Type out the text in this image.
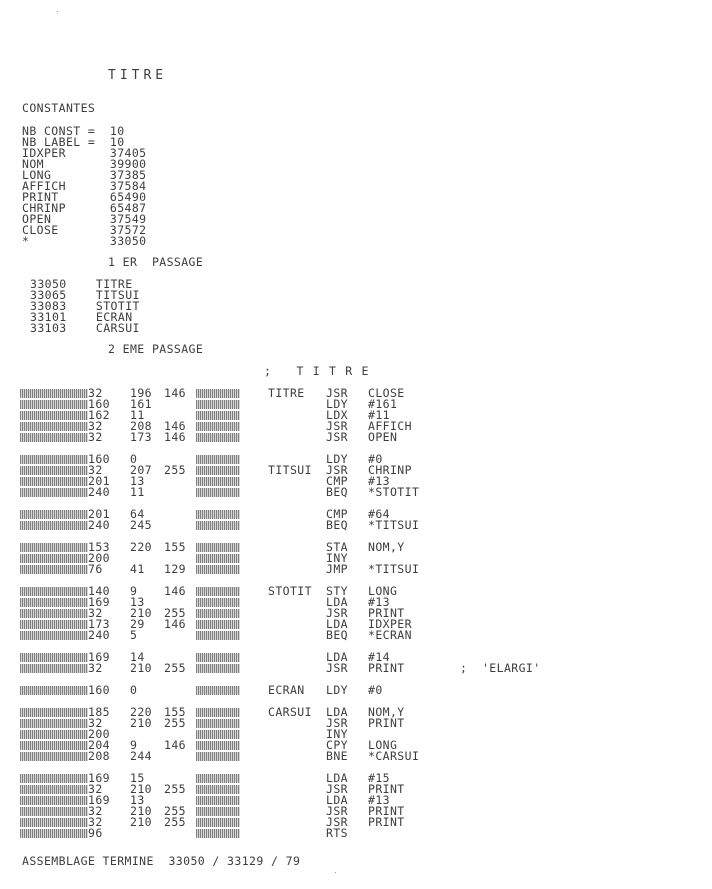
TITRE
CONSTANTES
NB CONST =  10
NB LABEL =  10
IDXPER      37405
NOM         39900
LONG        37385
AFFICH      37584
PRINT       65490
CHRINP      65487
OPEN        37549
CLOSE       37572
*           33050
1 ER  PASSAGE
33050    TITRE
33065    TITSUI
33083    STOTIT
33101    ECRAN
33103    CARSUI
2 EME PASSAGE
;   T I T R E
32 196 146	TITRE JSR CLOSE
160 161	LDY #161
162 11	LDX #11
32 208 146	JSR AFFICH
32 173 146	JSR OPEN
160 0	LDY #0
32 207 255	TITSUI JSR CHRINP
201 13	CMP #13
240 11	BEQ *STOTIT
201 64	CMP #64
240 245	BEQ *TITSUI
153 220 155	STA NOM,Y
200	INY
76 41 129	JMP *TITSUI
140 9 146	STOTIT STY LONG
169 13	LDA #13
32 210 255	JSR PRINT
173 29 146	LDA IDXPER
240 5	BEQ *ECRAN
169 14	LDA #14
32 210 255	JSR PRINT	;  'ELARGI'
160 0	ECRAN LDY #0
185 220 155	CARSUI LDA NOM,Y
32 210 255	JSR PRINT
200	INY
204 9 146	CPY LONG
208 244	BNE *CARSUI
169 15	LDA #15
32 210 255	JSR PRINT
169 13	LDA #13
32 210 255	JSR PRINT
32 210 255	JSR PRINT
96	RTS
ASSEMBLAGE TERMINE  33050 / 33129 / 79
